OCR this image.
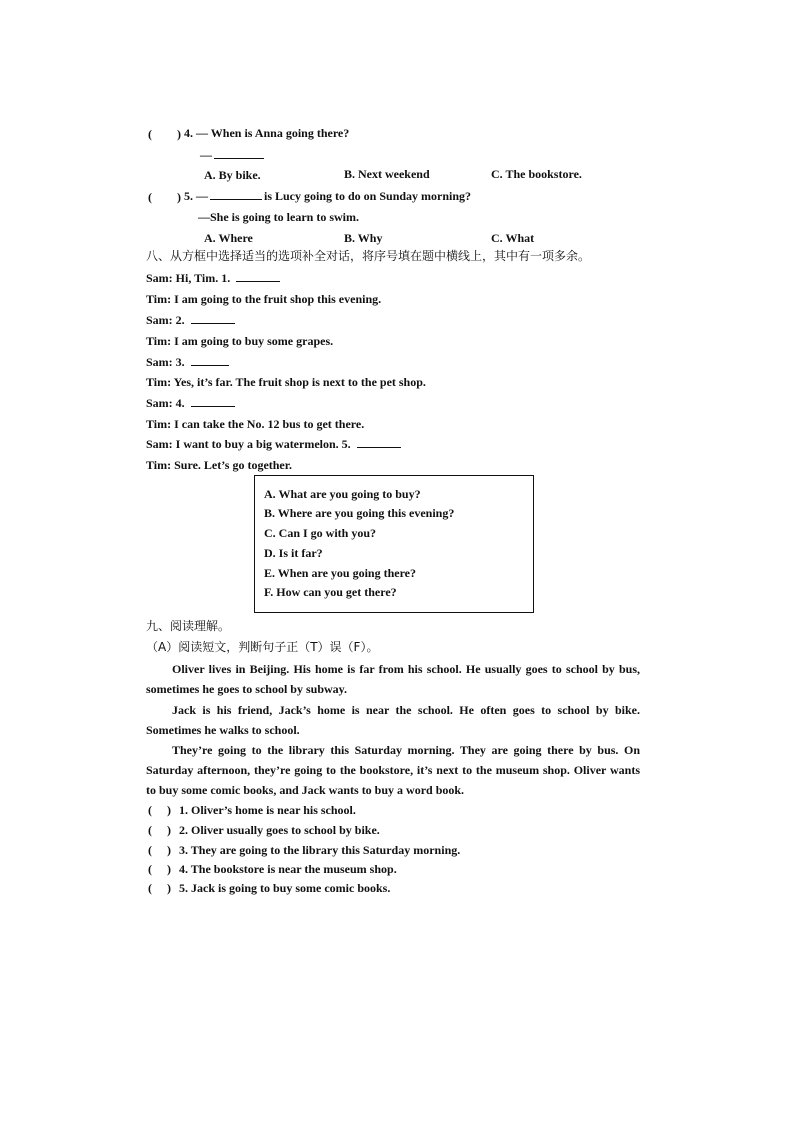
( ) 4. — When is Anna going there?
—
A. By bike.	B. Next weekend	C. The bookstore.
( ) 5. —	is Lucy going to do on Sunday morning?
—She is going to learn to swim.
A. Where	B. Why	C. What
八、从方框中选择适当的选项补全对话，将序号填在题中横线上，其中有一项多余。
Sam: Hi, Tim. 1.
Tim: I am going to the fruit shop this evening.
Sam: 2.
Tim: I am going to buy some grapes.
Sam: 3.
Tim: Yes, it’s far. The fruit shop is next to the pet shop.
Sam: 4.
Tim: I can take the No. 12 bus to get there.
Sam: I want to buy a big watermelon. 5.
Tim: Sure. Let’s go together.
A. What are you going to buy?
B. Where are you going this evening?
C. Can I go with you?
D. Is it far?
E. When are you going there?
F. How can you get there?
九、阅读理解。
（A）阅读短文，判断句子正（T）误（F）。
Oliver lives in Beijing. His home is far from his school. He usually goes to school by bus, sometimes he goes to school by subway.
Jack is his friend, Jack’s home is near the school. He often goes to school by bike. Sometimes he walks to school.
They’re going to the library this Saturday morning. They are going there by bus. On Saturday afternoon, they’re going to the bookstore, it’s next to the museum shop. Oliver wants to buy some comic books, and Jack wants to buy a word book.
(     ) 1. Oliver’s home is near his school.
(     ) 2. Oliver usually goes to school by bike.
(     ) 3. They are going to the library this Saturday morning.
(     ) 4. The bookstore is near the museum shop.
(     ) 5. Jack is going to buy some comic books.
